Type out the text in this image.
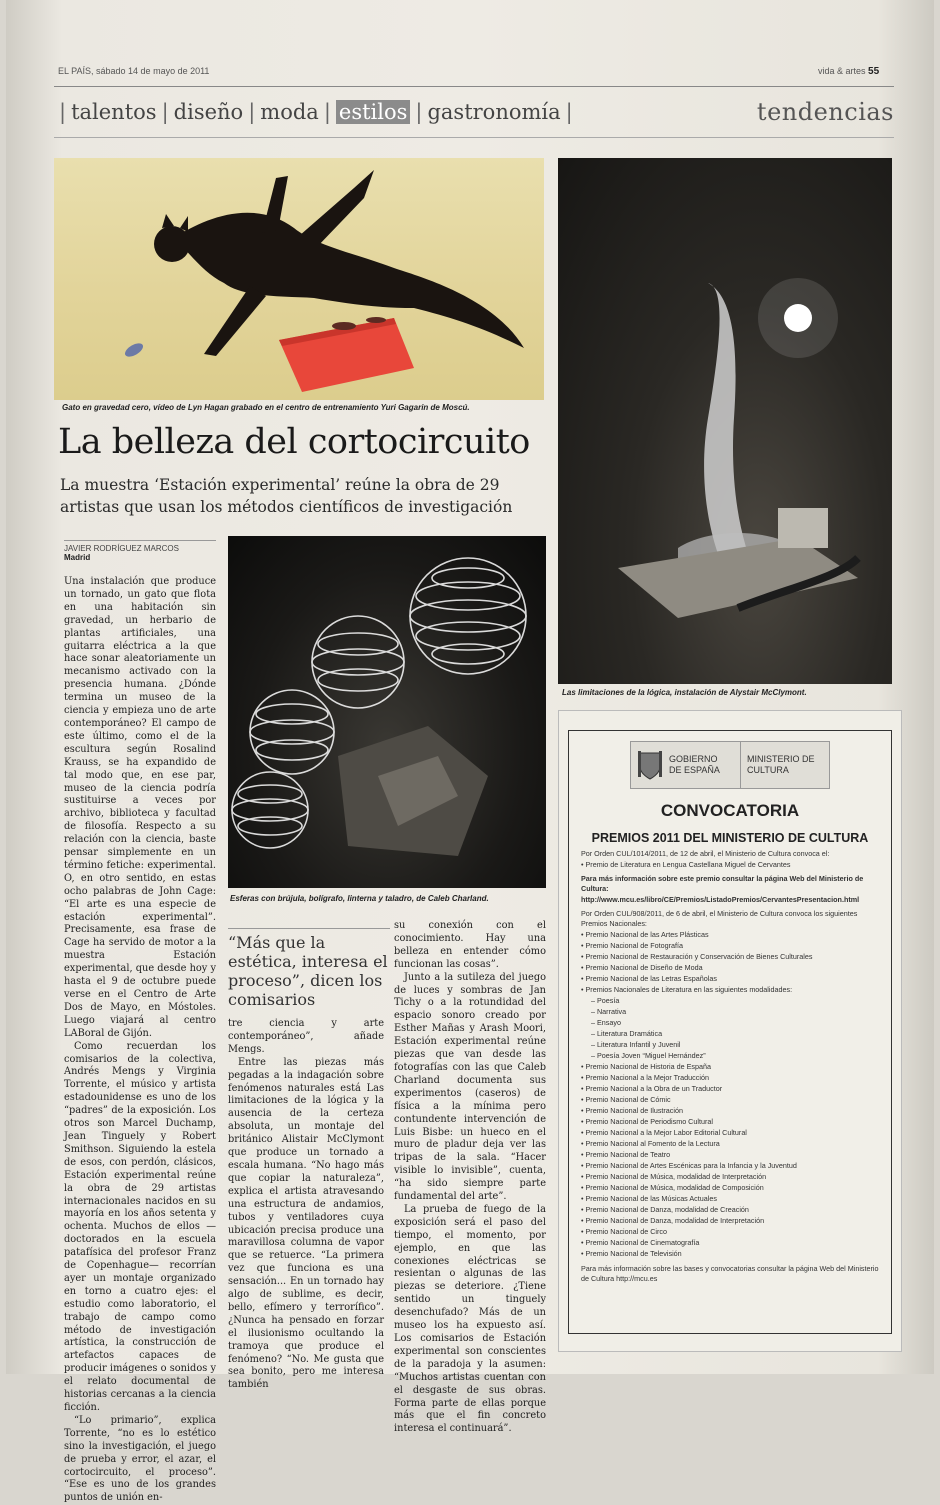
EL PAÍS, sábado 14 de mayo de 2011	vida & artes 55
| talentos | diseño | moda | estilos | gastronomía |	tendencias
Gato en gravedad cero, vídeo de Lyn Hagan grabado en el centro de entrenamiento Yuri Gagarin de Moscú.
Las limitaciones de la lógica, instalación de Alystair McClymont.
La belleza del cortocircuito
La muestra ‘Estación experimental’ reúne la obra de 29 artistas que usan los métodos científicos de investigación
JAVIER RODRÍGUEZ MARCOS
Madrid
Esferas con brújula, bolígrafo, linterna y taladro, de Caleb Charland.

Una instalación que produce un tornado, un gato que flota en una habitación sin gravedad, un herbario de plantas artificiales, una guitarra eléctrica a la que hace sonar aleatoriamente un mecanismo activado con la presencia humana. ¿Dónde termina un museo de la ciencia y empieza uno de arte contemporáneo? El campo de este último, como el de la escultura según Rosalind Krauss, se ha expandido de tal modo que, en ese par, museo de la ciencia podría sustituirse a veces por archivo, biblioteca y facultad de filosofía. Respecto a su relación con la ciencia, baste pensar simplemente en un término fetiche: experimental. O, en otro sentido, en estas ocho palabras de John Cage: “El arte es una especie de estación experimental”. Precisamente, esa frase de Cage ha servido de motor a la muestra Estación experimental, que desde hoy y hasta el 9 de octubre puede verse en el Centro de Arte Dos de Mayo, en Móstoles. Luego viajará al centro LABoral de Gijón.

Como recuerdan los comisarios de la colectiva, Andrés Mengs y Virginia Torrente, el músico y artista estadounidense es uno de los “padres” de la exposición. Los otros son Marcel Duchamp, Jean Tinguely y Robert Smithson. Siguiendo la estela de esos, con perdón, clásicos, Estación experimental reúne la obra de 29 artistas internacionales nacidos en su mayoría en los años setenta y ochenta. Muchos de ellos —doctorados en la escuela patafísica del profesor Franz de Copenhague— recorrían ayer un montaje organizado en torno a cuatro ejes: el estudio como laboratorio, el trabajo de campo como método de investigación artística, la construcción de artefactos capaces de producir imágenes o sonidos y el relato documental de historias cercanas a la ciencia ficción.

“Lo primario”, explica Torrente, “no es lo estético sino la investigación, el juego de prueba y error, el azar, el cortocircuito, el proceso”. “Ese es uno de los grandes puntos de unión en-

“Más que la estética, interesa el proceso”, dicen los comisarios

tre ciencia y arte contemporáneo”, añade Mengs.

Entre las piezas más pegadas a la indagación sobre fenómenos naturales está Las limitaciones de la lógica y la ausencia de la certeza absoluta, un montaje del británico Alistair McClymont que produce un tornado a escala humana. “No hago más que copiar la naturaleza”, explica el artista atravesando una estructura de andamios, tubos y ventiladores cuya ubicación precisa produce una maravillosa columna de vapor que se retuerce. “La primera vez que funciona es una sensación... En un tornado hay algo de sublime, es decir, bello, efímero y terrorífico”. ¿Nunca ha pensado en forzar el ilusionismo ocultando la tramoya que produce el fenómeno? “No. Me gusta que sea bonito, pero me interesa también

su conexión con el conocimiento. Hay una belleza en entender cómo funcionan las cosas”.

Junto a la sutileza del juego de luces y sombras de Jan Tichy o a la rotundidad del espacio sonoro creado por Esther Mañas y Arash Moori, Estación experimental reúne piezas que van desde las fotografías con las que Caleb Charland documenta sus experimentos (caseros) de física a la mínima pero contundente intervención de Luis Bisbe: un hueco en el muro de pladur deja ver las tripas de la sala. “Hacer visible lo invisible”, cuenta, “ha sido siempre parte fundamental del arte”.

La prueba de fuego de la exposición será el paso del tiempo, el momento, por ejemplo, en que las conexiones eléctricas se resientan o algunas de las piezas se deteriore. ¿Tiene sentido un tinguely desenchufado? Más de un museo los ha expuesto así. Los comisarios de Estación experimental son conscientes de la paradoja y la asumen: “Muchos artistas cuentan con el desgaste de sus obras. Forma parte de ellas porque más que el fin concreto interesa el continuará”.

GOBIERNO DE ESPAÑA
MINISTERIO DE CULTURA
CONVOCATORIA
PREMIOS 2011 DEL MINISTERIO DE CULTURA
Por Orden CUL/1014/2011, de 12 de abril, el Ministerio de Cultura convoca el:
• Premio de Literatura en Lengua Castellana Miguel de Cervantes
Para más información sobre este premio consultar la página Web del Ministerio de Cultura: http://www.mcu.es/libro/CE/Premios/ListadoPremios/CervantesPresentacion.html
Por Orden CUL/908/2011, de 6 de abril, el Ministerio de Cultura convoca los siguientes Premios Nacionales:
• Premio Nacional de las Artes Plásticas
• Premio Nacional de Fotografía
• Premio Nacional de Restauración y Conservación de Bienes Culturales
• Premio Nacional de Diseño de Moda
• Premio Nacional de las Letras Españolas
• Premios Nacionales de Literatura en las siguientes modalidades:
– Poesía
– Narrativa
– Ensayo
– Literatura Dramática
– Literatura Infantil y Juvenil
– Poesía Joven “Miguel Hernández”
• Premio Nacional de Historia de España
• Premio Nacional a la Mejor Traducción
• Premio Nacional a la Obra de un Traductor
• Premio Nacional de Cómic
• Premio Nacional de Ilustración
• Premio Nacional de Periodismo Cultural
• Premio Nacional a la Mejor Labor Editorial Cultural
• Premio Nacional al Fomento de la Lectura
• Premio Nacional de Teatro
• Premio Nacional de Artes Escénicas para la Infancia y la Juventud
• Premio Nacional de Música, modalidad de Interpretación
• Premio Nacional de Música, modalidad de Composición
• Premio Nacional de las Músicas Actuales
• Premio Nacional de Danza, modalidad de Creación
• Premio Nacional de Danza, modalidad de Interpretación
• Premio Nacional de Circo
• Premio Nacional de Cinematografía
• Premio Nacional de Televisión
Para más información sobre las bases y convocatorias consultar la página Web del Ministerio de Cultura http://mcu.es
